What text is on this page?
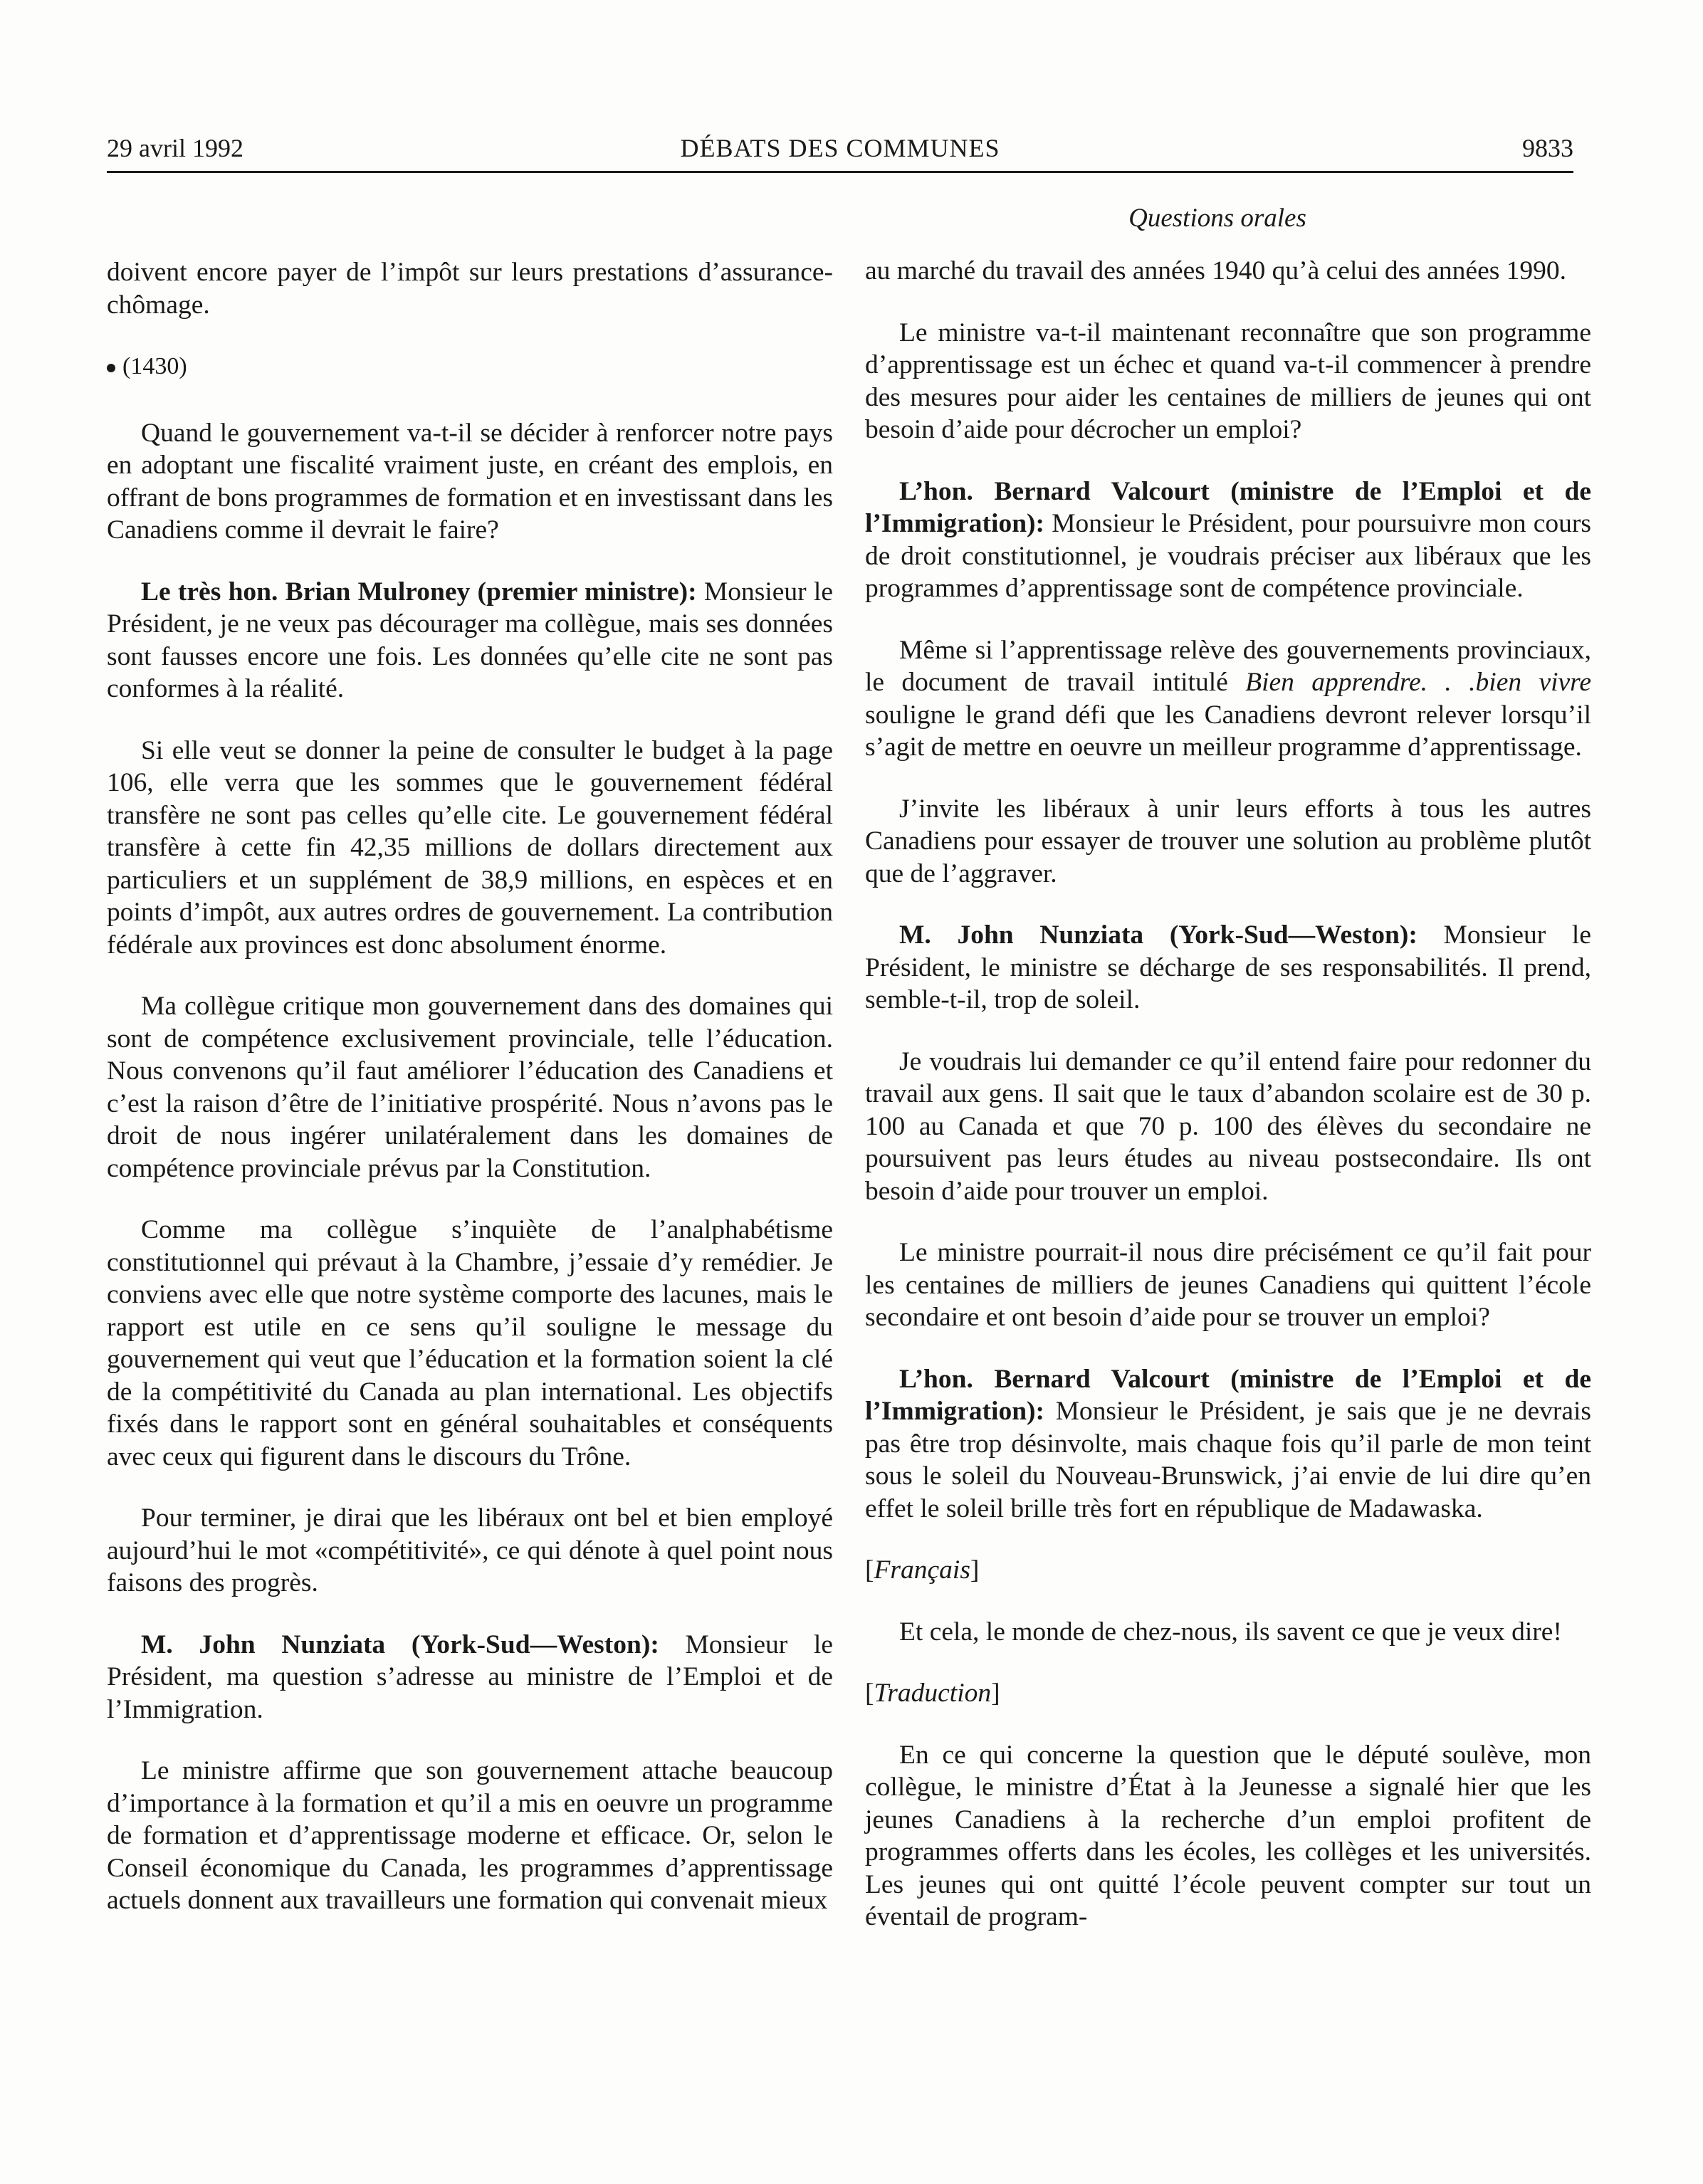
29 avril 1992	DÉBATS DES COMMUNES	9833
Questions orales

doivent encore payer de l’impôt sur leurs prestations d’assurance-chômage.

(1430)

Quand le gouvernement va-t-il se décider à renforcer notre pays en adoptant une fiscalité vraiment juste, en créant des emplois, en offrant de bons programmes de formation et en investissant dans les Canadiens comme il devrait le faire?

Le très hon. Brian Mulroney (premier ministre): Monsieur le Président, je ne veux pas décourager ma collègue, mais ses données sont fausses encore une fois. Les données qu’elle cite ne sont pas conformes à la réalité.

Si elle veut se donner la peine de consulter le budget à la page 106, elle verra que les sommes que le gouvernement fédéral transfère ne sont pas celles qu’elle cite. Le gouvernement fédéral transfère à cette fin 42,35 millions de dollars directement aux particuliers et un supplément de 38,9 millions, en espèces et en points d’impôt, aux autres ordres de gouvernement. La contribution fédérale aux provinces est donc absolument énorme.

Ma collègue critique mon gouvernement dans des domaines qui sont de compétence exclusivement provinciale, telle l’éducation. Nous convenons qu’il faut améliorer l’éducation des Canadiens et c’est la raison d’être de l’initiative prospérité. Nous n’avons pas le droit de nous ingérer unilatéralement dans les domaines de compétence provinciale prévus par la Constitution.

Comme ma collègue s’inquiète de l’analphabétisme constitutionnel qui prévaut à la Chambre, j’essaie d’y remédier. Je conviens avec elle que notre système comporte des lacunes, mais le rapport est utile en ce sens qu’il souligne le message du gouvernement qui veut que l’éducation et la formation soient la clé de la compétitivité du Canada au plan international. Les objectifs fixés dans le rapport sont en général souhaitables et conséquents avec ceux qui figurent dans le discours du Trône.

Pour terminer, je dirai que les libéraux ont bel et bien employé aujourd’hui le mot «compétitivité», ce qui dénote à quel point nous faisons des progrès.

M. John Nunziata (York-Sud—Weston): Monsieur le Président, ma question s’adresse au ministre de l’Emploi et de l’Immigration.

Le ministre affirme que son gouvernement attache beaucoup d’importance à la formation et qu’il a mis en oeuvre un programme de formation et d’apprentissage moderne et efficace. Or, selon le Conseil économique du Canada, les programmes d’apprentissage actuels donnent aux travailleurs une formation qui convenait mieux

au marché du travail des années 1940 qu’à celui des années 1990.

Le ministre va-t-il maintenant reconnaître que son programme d’apprentissage est un échec et quand va-t-il commencer à prendre des mesures pour aider les centaines de milliers de jeunes qui ont besoin d’aide pour décrocher un emploi?

L’hon. Bernard Valcourt (ministre de l’Emploi et de l’Immigration): Monsieur le Président, pour poursuivre mon cours de droit constitutionnel, je voudrais préciser aux libéraux que les programmes d’apprentissage sont de compétence provinciale.

Même si l’apprentissage relève des gouvernements provinciaux, le document de travail intitulé Bien apprendre. . .bien vivre souligne le grand défi que les Canadiens devront relever lorsqu’il s’agit de mettre en oeuvre un meilleur programme d’apprentissage.

J’invite les libéraux à unir leurs efforts à tous les autres Canadiens pour essayer de trouver une solution au problème plutôt que de l’aggraver.

M. John Nunziata (York-Sud—Weston): Monsieur le Président, le ministre se décharge de ses responsabilités. Il prend, semble-t-il, trop de soleil.

Je voudrais lui demander ce qu’il entend faire pour redonner du travail aux gens. Il sait que le taux d’abandon scolaire est de 30 p. 100 au Canada et que 70 p. 100 des élèves du secondaire ne poursuivent pas leurs études au niveau postsecondaire. Ils ont besoin d’aide pour trouver un emploi.

Le ministre pourrait-il nous dire précisément ce qu’il fait pour les centaines de milliers de jeunes Canadiens qui quittent l’école secondaire et ont besoin d’aide pour se trouver un emploi?

L’hon. Bernard Valcourt (ministre de l’Emploi et de l’Immigration): Monsieur le Président, je sais que je ne devrais pas être trop désinvolte, mais chaque fois qu’il parle de mon teint sous le soleil du Nouveau-Brunswick, j’ai envie de lui dire qu’en effet le soleil brille très fort en république de Madawaska.

[Français]

Et cela, le monde de chez-nous, ils savent ce que je veux dire!

[Traduction]

En ce qui concerne la question que le député soulève, mon collègue, le ministre d’État à la Jeunesse a signalé hier que les jeunes Canadiens à la recherche d’un emploi profitent de programmes offerts dans les écoles, les collèges et les universités. Les jeunes qui ont quitté l’école peuvent compter sur tout un éventail de program-
